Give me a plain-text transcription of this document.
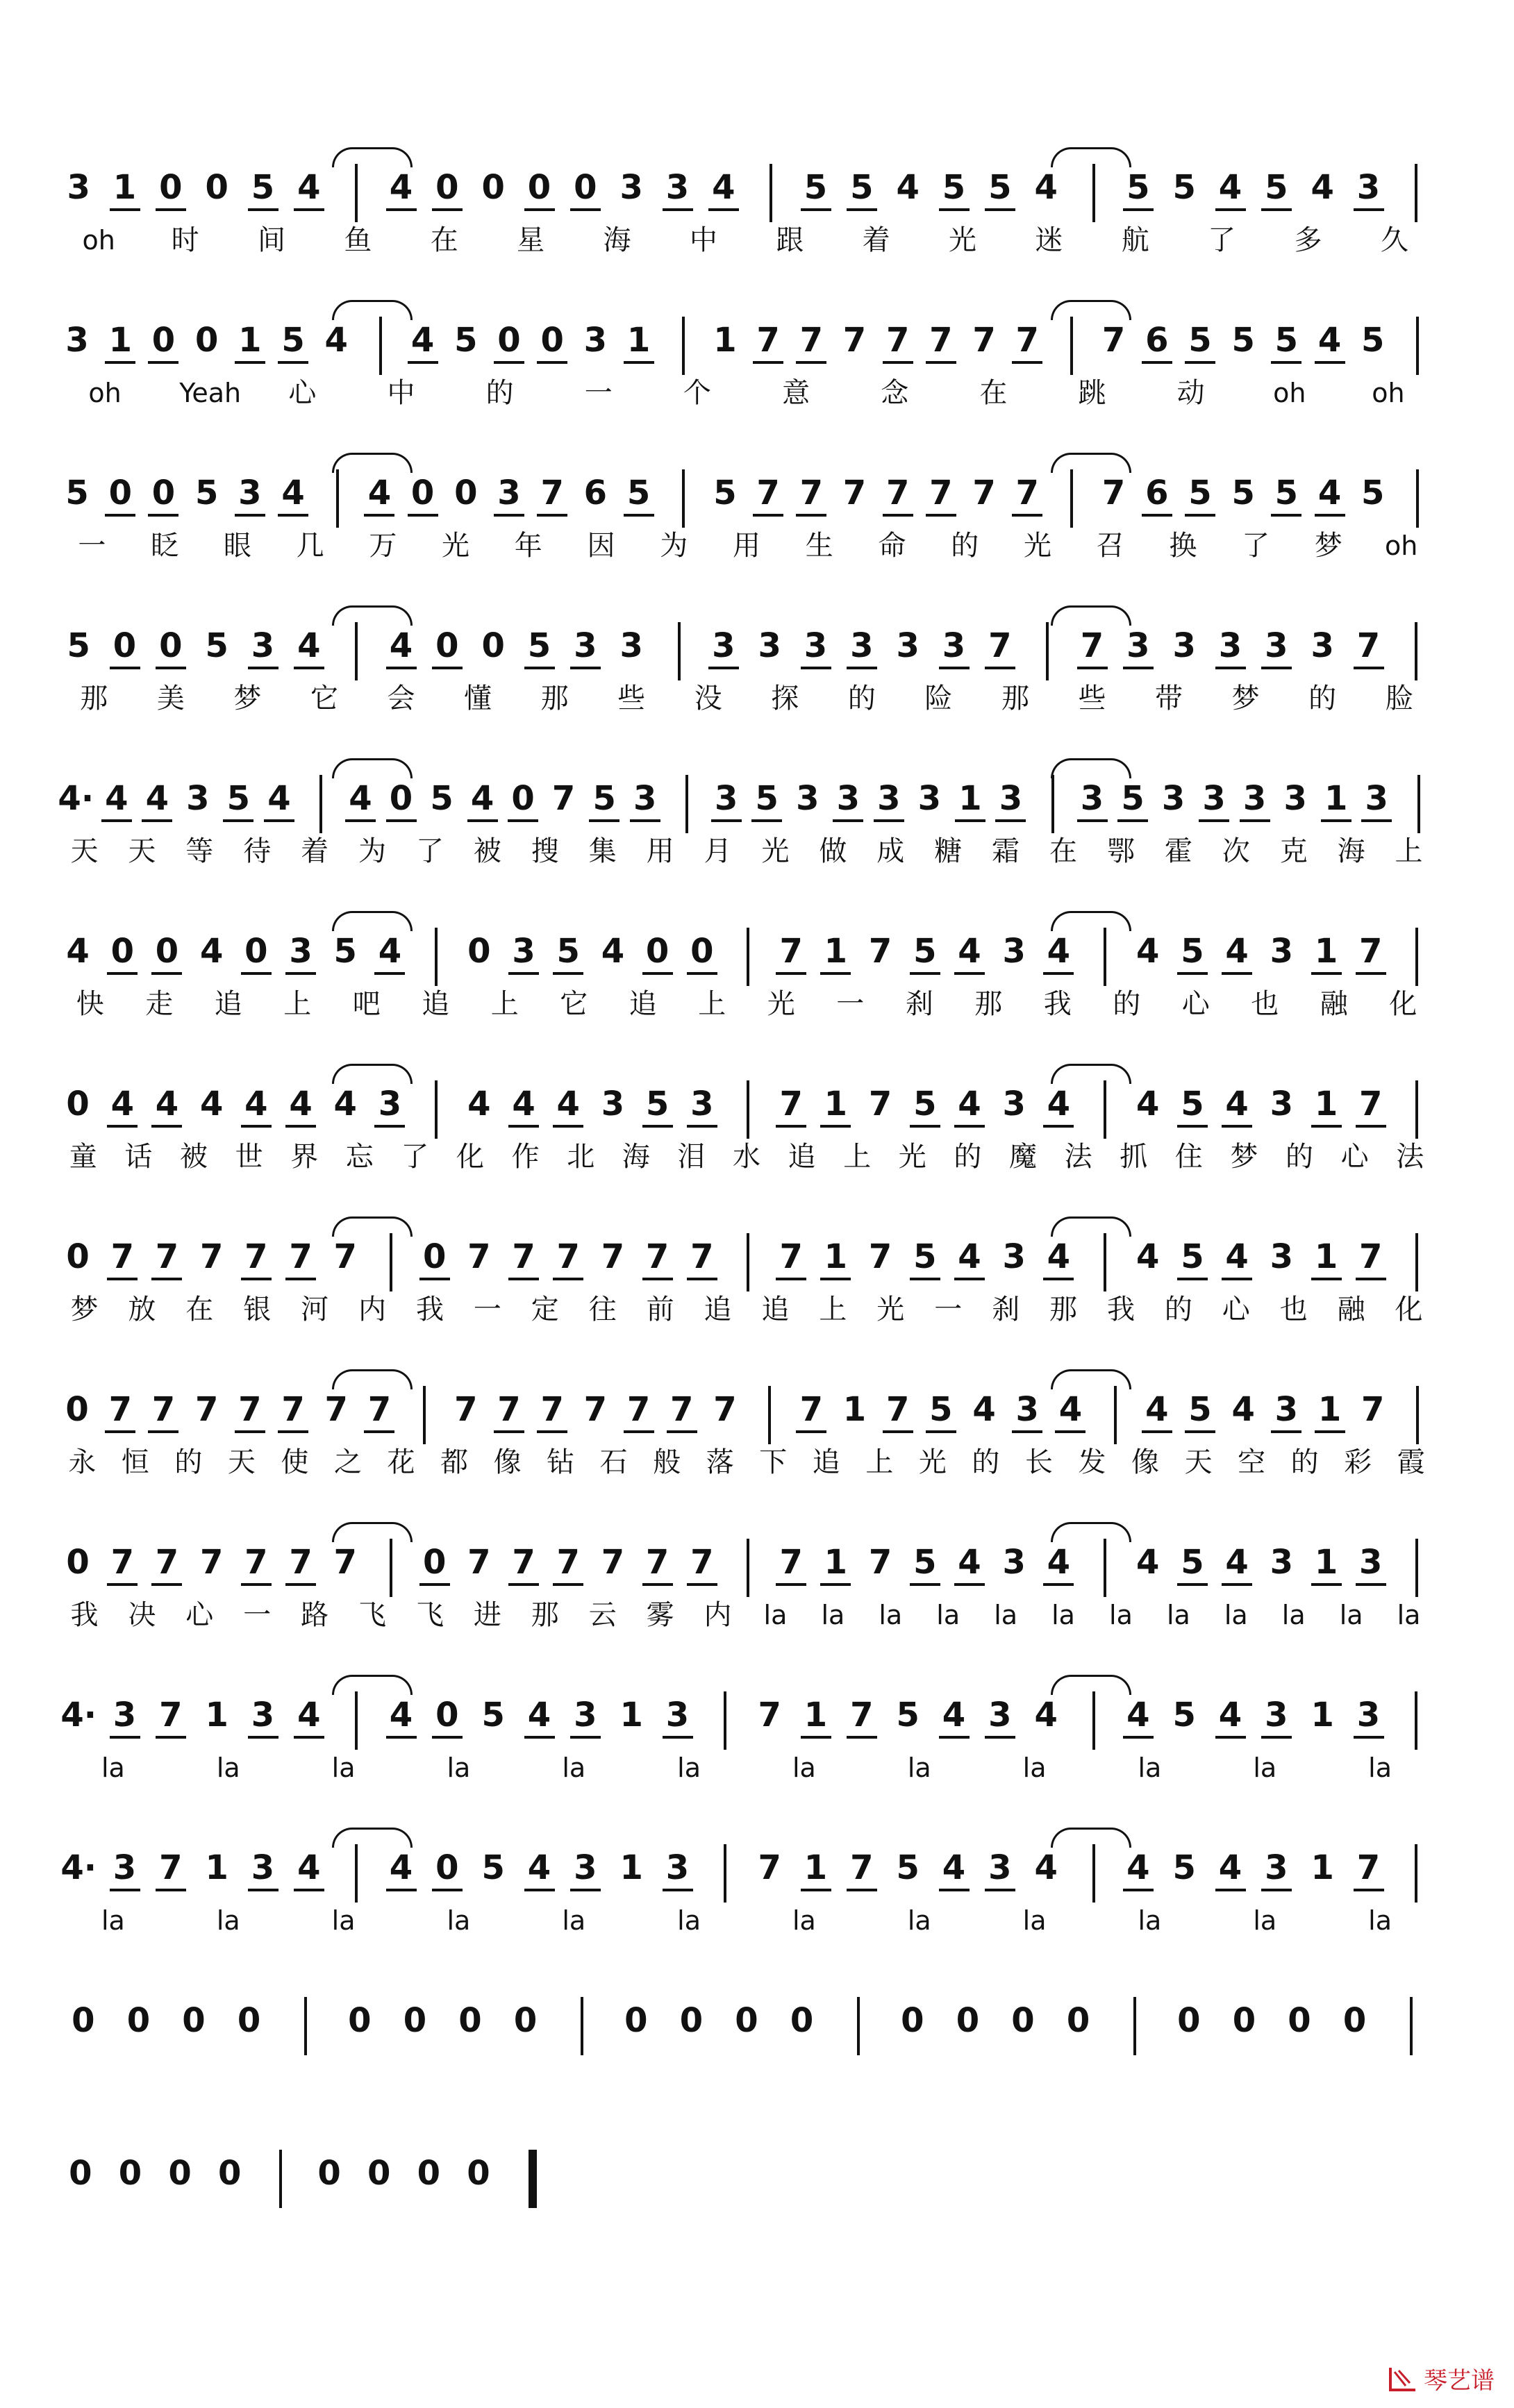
3 1 0 0 5 4 4 0 0 0 0 3 3 4 5 5 4 5 5 4 5 5 4 5 4 3
oh	时	间	鱼	在	星	海	中	跟	着	光	迷	航	了	多	久
3 1 0 0 1 5 4 4 5 0 0 3 1 1 7 7 7 7 7 7 7 7 6 5 5 5 4 5
oh Yeah	心	中	的	一	个	意	念	在	跳	动	oh oh
5 0 0 5 3 4 4 0 0 3 7 6 5 5 7 7 7 7 7 7 7 7 6 5 5 5 4 5
一	眨	眼	几	万	光	年	因	为	用	生	命	的	光	召	换	了	梦	oh
5 0 0 5 3 4 4 0 0 5 3 3 3 3 3 3 3 3 7 7 3 3 3 3 3 7
那	美	梦	它	会	懂	那	些	没	探	的	险	那	些	带	梦	的	脸
4· 4 4 3 5 4 4 0 5 4 0 7 5 3 3 5 3 3 3 3 1 3 3 5 3 3 3 3 1 3
天	天	等	待	着	为	了	被	搜	集	用	月	光	做	成	糖	霜	在	鄂	霍	次	克	海	上
4 0 0 4 0 3 5 4 0 3 5 4 0 0 7 1 7 5 4 3 4 4 5 4 3 1 7
快	走	追	上	吧	追	上	它	追	上	光	一	刹	那	我	的	心	也	融	化
0 4 4 4 4 4 4 3 4 4 4 3 5 3 7 1 7 5 4 3 4 4 5 4 3 1 7
童 话 被 世 界 忘 了 化 作 北 海 泪 水 追 上 光 的 魔 法 抓 住 梦 的 心 法
0 7 7 7 7 7 7 0 7 7 7 7 7 7 7 1 7 5 4 3 4 4 5 4 3 1 7
梦	放	在	银	河	内	我	一	定	往	前	追	追	上	光	一	刹	那	我	的	心	也	融	化
0 7 7 7 7 7 7 7 7 7 7 7 7 7 7 7 1 7 5 4 3 4 4 5 4 3 1 7
永 恒 的 天 使 之 花 都 像 钻 石 般 落 下 追 上 光 的 长 发 像 天 空 的 彩 霞
0 7 7 7 7 7 7 0 7 7 7 7 7 7 7 1 7 5 4 3 4 4 5 4 3 1 3
我	决	心	一	路	飞	飞	进	那	云	雾	内	la	la	la	la	la	la	la	la	la	la	la	la
4· 3 7 1 3 4 4 0 5 4 3 1 3 7 1 7 5 4 3 4 4 5 4 3 1 3
la	la	la	la	la	la	la	la	la	la	la	la
4· 3 7 1 3 4 4 0 5 4 3 1 3 7 1 7 5 4 3 4 4 5 4 3 1 7
la	la	la	la	la	la	la	la	la	la	la	la
0 0 0 0	0 0 0 0	0 0 0 0	0 0 0 0	0 0 0 0
0 0 0 0 0 0 0 0
琴艺谱
